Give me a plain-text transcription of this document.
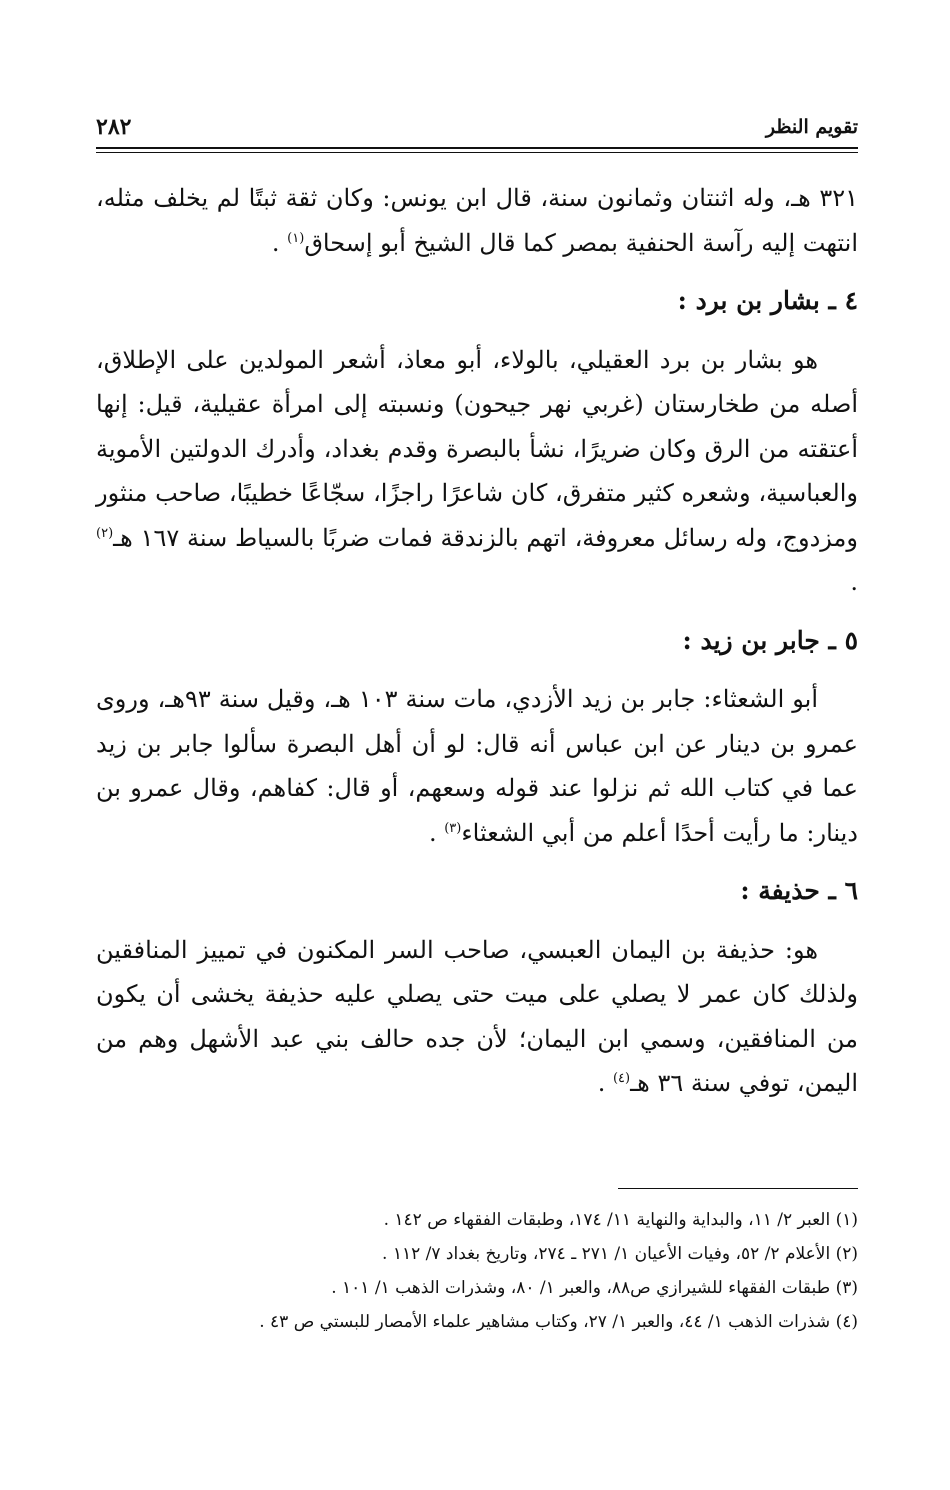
تقويم النظر
٢٨٢

٣٢١ هـ، وله اثنتان وثمانون سنة، قال ابن يونس: وكان ثقة ثبتًا لم يخلف مثله، انتهت إليه رآسة الحنفية بمصر كما قال الشيخ أبو إسحاق$^{(١)}$ .

٤ ـ بشار بن برد :

هو بشار بن برد العقيلي، بالولاء، أبو معاذ، أشعر المولدين على الإطلاق، أصله من طخارستان (غربي نهر جيحون) ونسبته إلى امرأة عقيلية، قيل: إنها أعتقته من الرق وكان ضريرًا، نشأ بالبصرة وقدم بغداد، وأدرك الدولتين الأموية والعباسية، وشعره كثير متفرق، كان شاعرًا راجزًا، سجّاعًا خطيبًا، صاحب منثور ومزدوج، وله رسائل معروفة، اتهم بالزندقة فمات ضربًا بالسياط سنة ١٦٧ هـ$^{(٢)}$ .

٥ ـ جابر بن زيد :

أبو الشعثاء: جابر بن زيد الأزدي، مات سنة ١٠٣ هـ، وقيل سنة ٩٣هـ، وروى عمرو بن دينار عن ابن عباس أنه قال: لو أن أهل البصرة سألوا جابر بن زيد عما في كتاب الله ثم نزلوا عند قوله وسعهم، أو قال: كفاهم، وقال عمرو بن دينار: ما رأيت أحدًا أعلم من أبي الشعثاء$^{(٣)}$ .

٦ ـ حذيفة :

هو: حذيفة بن اليمان العبسي، صاحب السر المكنون في تمييز المنافقين ولذلك كان عمر لا يصلي على ميت حتى يصلي عليه حذيفة يخشى أن يكون من المنافقين، وسمي ابن اليمان؛ لأن جده حالف بني عبد الأشهل وهم من اليمن، توفي سنة ٣٦ هـ$^{(٤)}$ .

(١) العبر ٢/ ١١، والبداية والنهاية ١١/ ١٧٤، وطبقات الفقهاء ص ١٤٢ .
(٢) الأعلام ٢/ ٥٢، وفيات الأعيان ١/ ٢٧١ ـ ٢٧٤، وتاريخ بغداد ٧/ ١١٢ .
(٣) طبقات الفقهاء للشيرازي ص٨٨، والعبر ١/ ٨٠، وشذرات الذهب ١/ ١٠١ .
(٤) شذرات الذهب ١/ ٤٤، والعبر ١/ ٢٧، وكتاب مشاهير علماء الأمصار للبستي ص ٤٣ .
